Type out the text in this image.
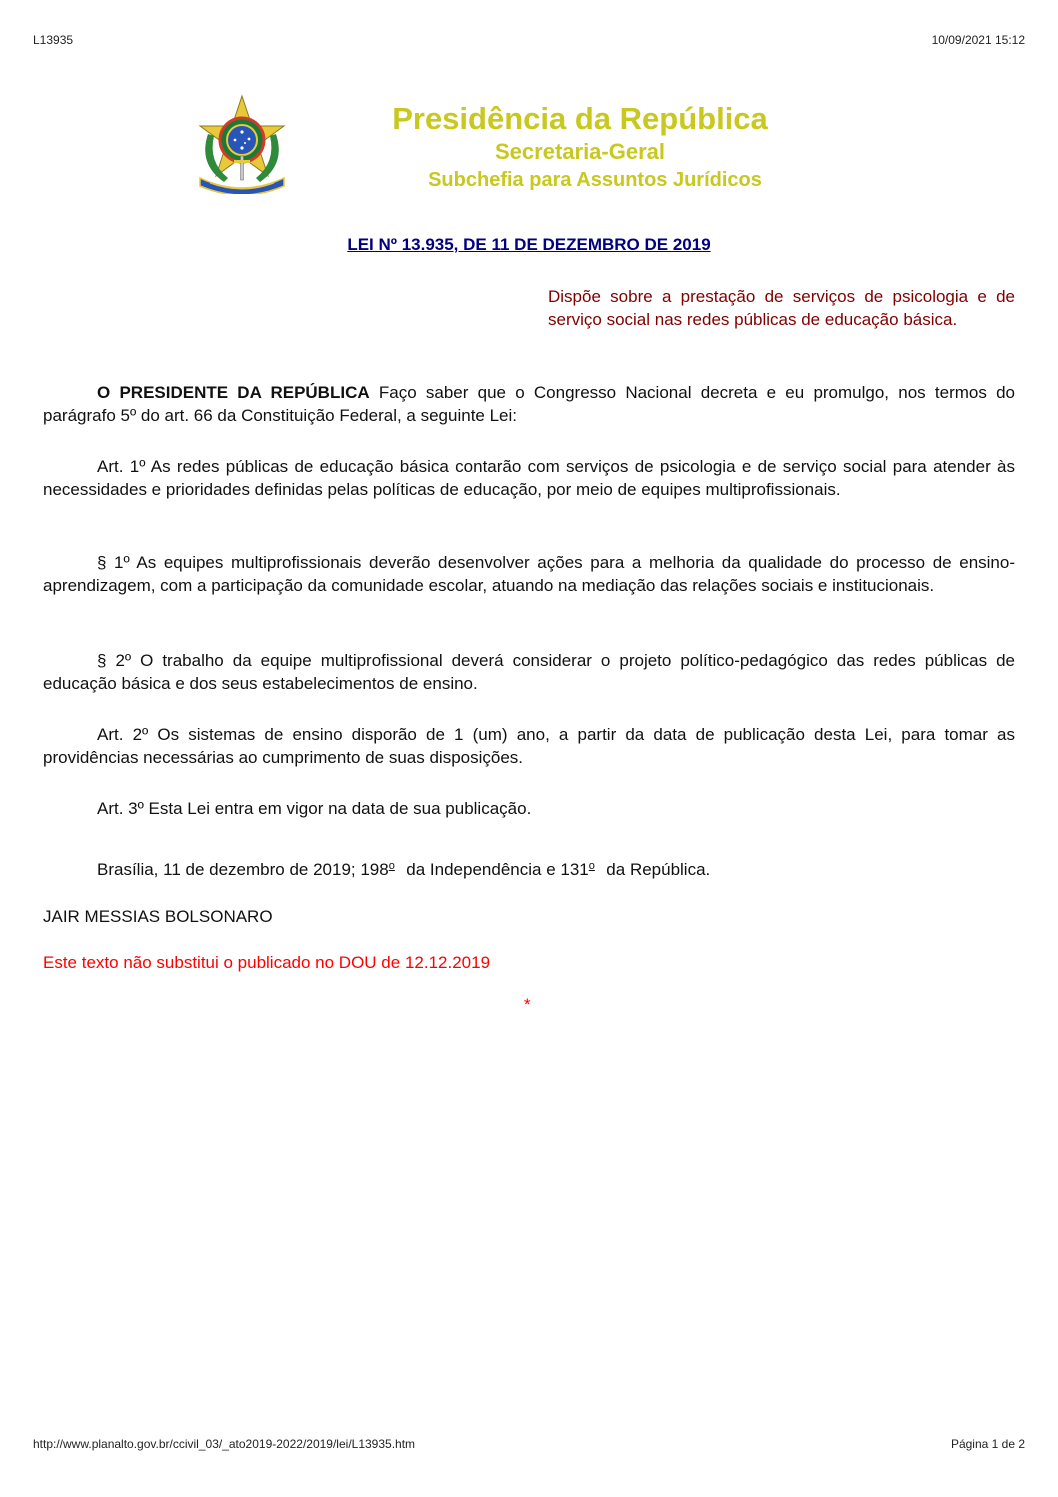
L13935	10/09/2021 15:12
Presidência da República
Secretaria-Geral
Subchefia para Assuntos Jurídicos
LEI Nº 13.935, DE 11 DE DEZEMBRO DE 2019
Dispõe sobre a prestação de serviços de psicologia e de serviço social nas redes públicas de educação básica.
O PRESIDENTE DA REPÚBLICA Faço saber que o Congresso Nacional decreta e eu promulgo, nos termos do parágrafo 5º do art. 66 da Constituição Federal, a seguinte Lei:
Art. 1º As redes públicas de educação básica contarão com serviços de psicologia e de serviço social para atender às necessidades e prioridades definidas pelas políticas de educação, por meio de equipes multiprofissionais.
§ 1º As equipes multiprofissionais deverão desenvolver ações para a melhoria da qualidade do processo de ensino-aprendizagem, com a participação da comunidade escolar, atuando na mediação das relações sociais e institucionais.
§ 2º O trabalho da equipe multiprofissional deverá considerar o projeto político-pedagógico das redes públicas de educação básica e dos seus estabelecimentos de ensino.
Art. 2º Os sistemas de ensino disporão de 1 (um) ano, a partir da data de publicação desta Lei, para tomar as providências necessárias ao cumprimento de suas disposições.
Art. 3º Esta Lei entra em vigor na data de sua publicação.
Brasília, 11 de dezembro de 2019; 198$^o$  da Independência e 131$^o$  da República.
JAIR MESSIAS BOLSONARO
Este texto não substitui o publicado no DOU de 12.12.2019
*
http://www.planalto.gov.br/ccivil_03/_ato2019-2022/2019/lei/L13935.htm	Página 1 de 2
